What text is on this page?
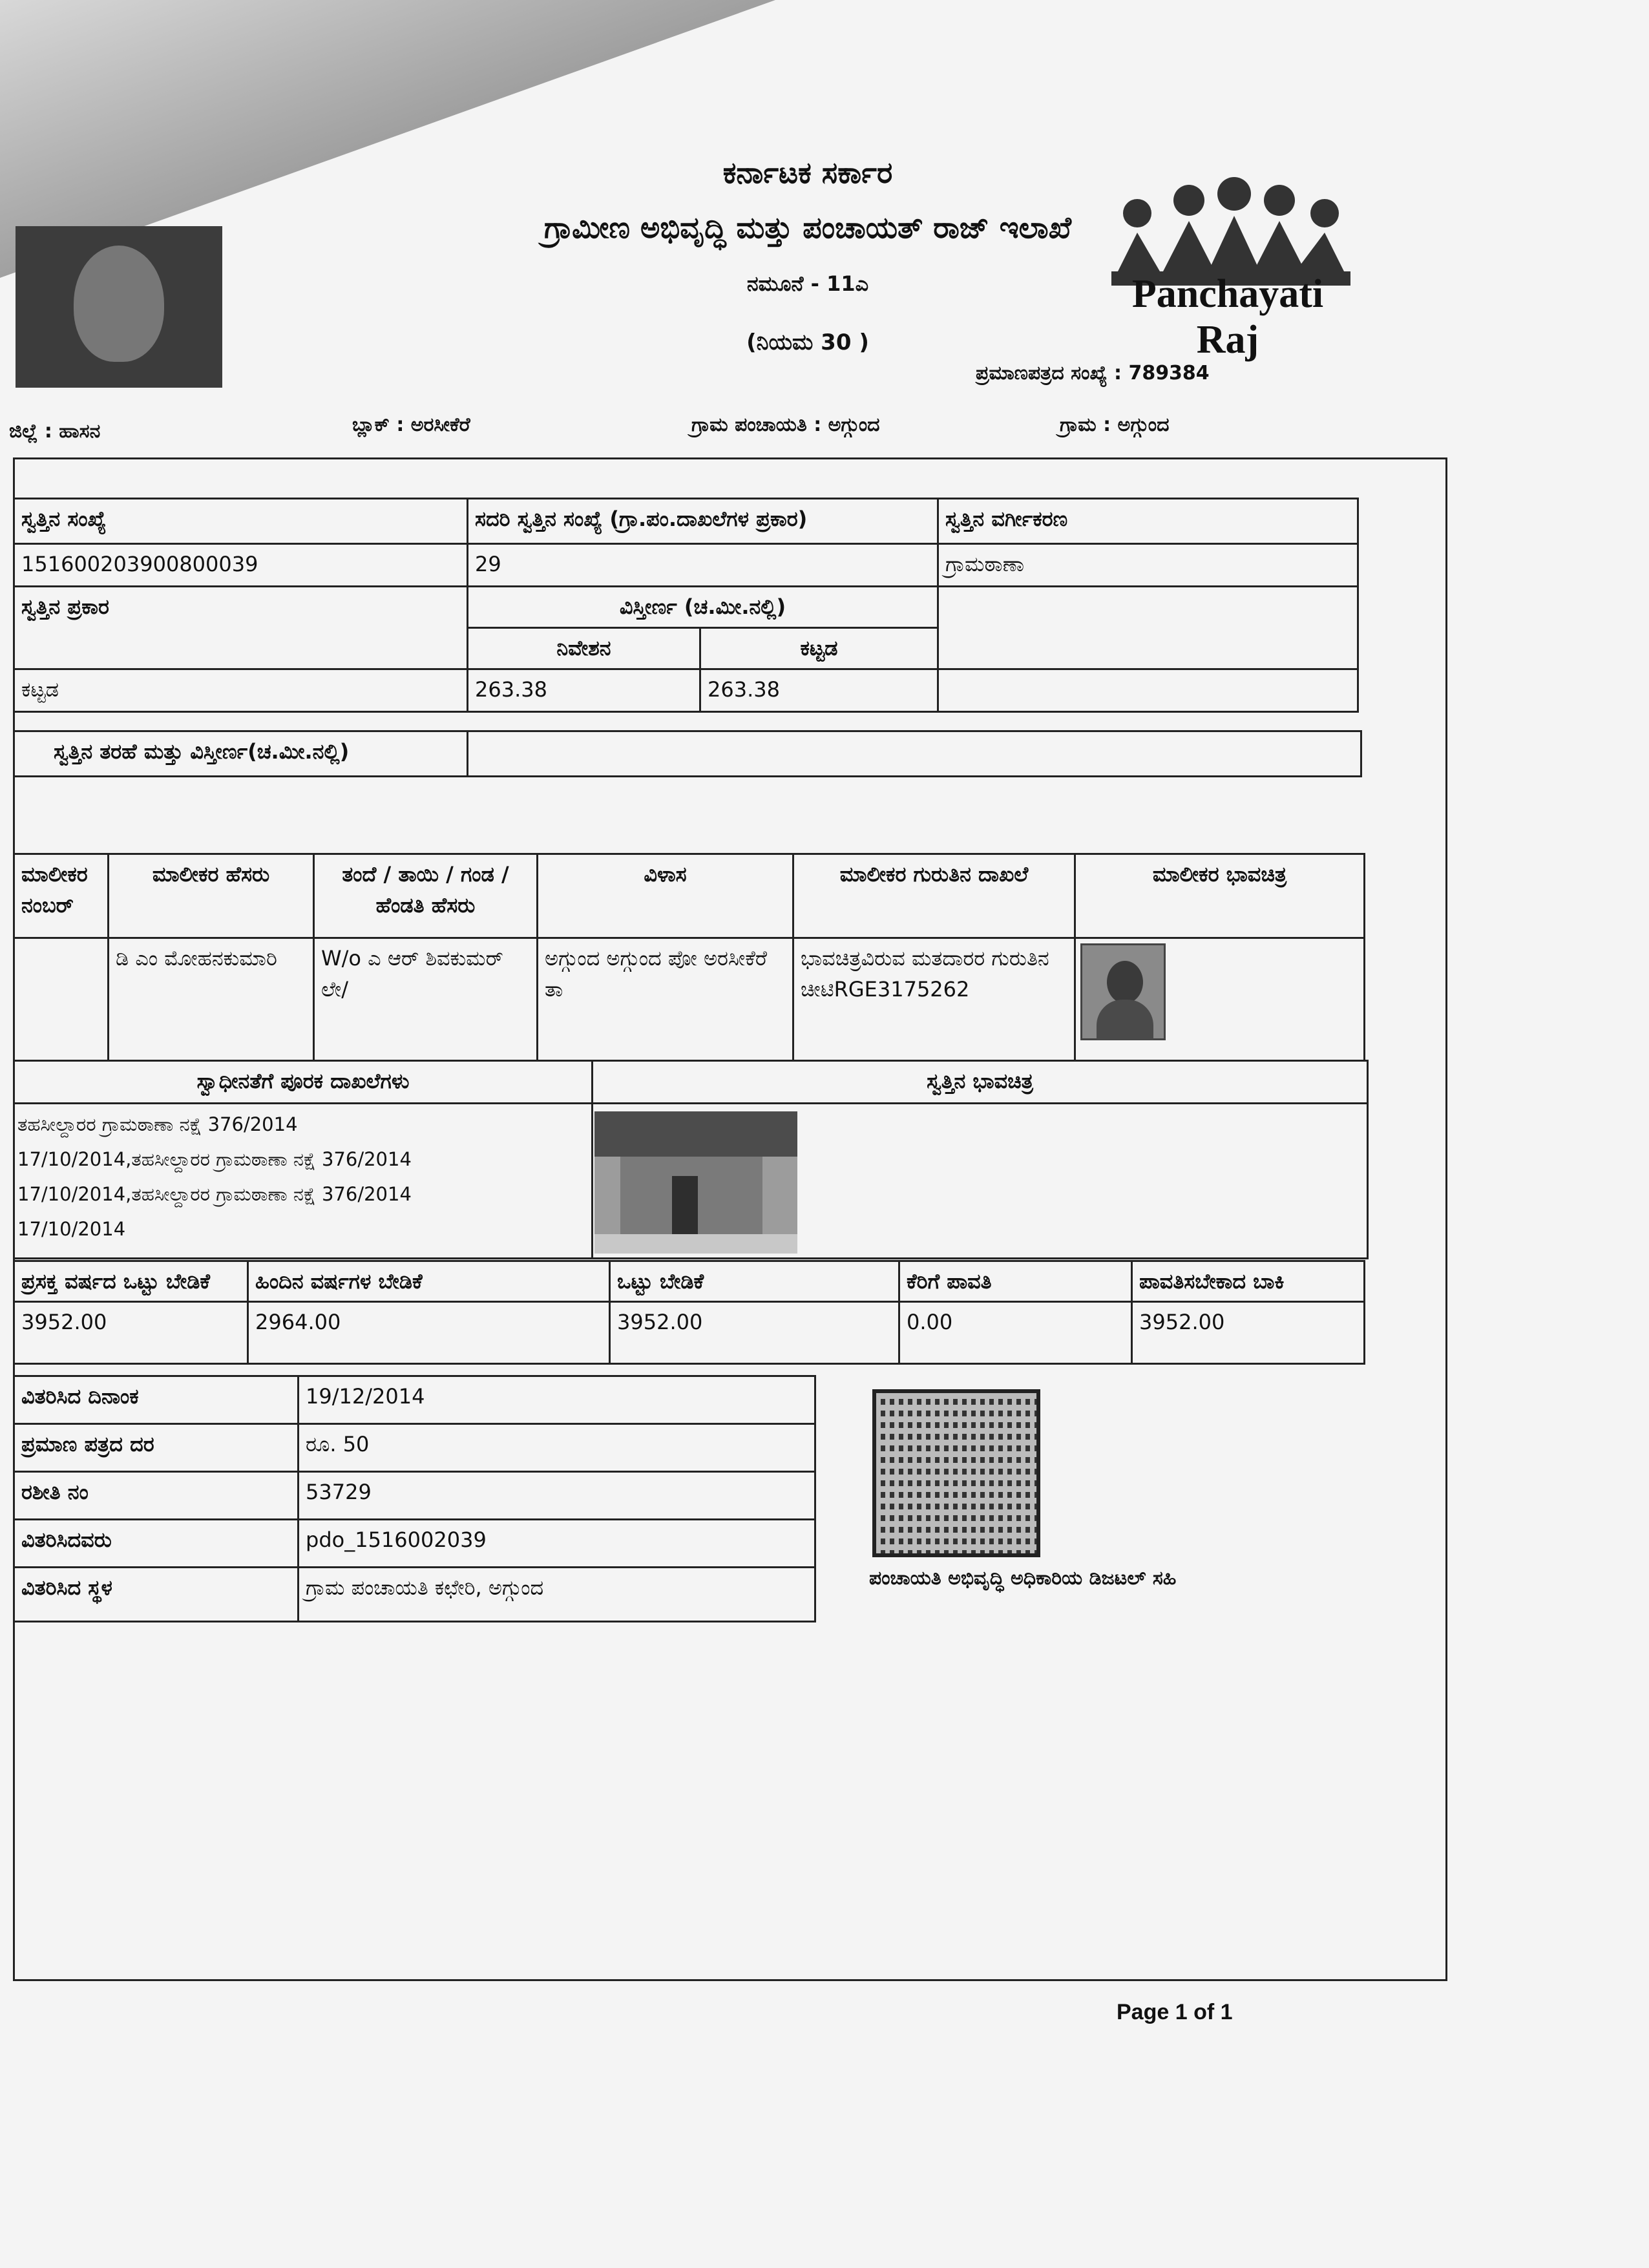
ಕರ್ನಾಟಕ ಸರ್ಕಾರ
ಗ್ರಾಮೀಣ ಅಭಿವೃದ್ಧಿ ಮತ್ತು ಪಂಚಾಯತ್ ರಾಜ್ ಇಲಾಖೆ
ನಮೂನೆ - 11ಎ
(ನಿಯಮ 30 )
Panchayati Raj
ಪ್ರಮಾಣಪತ್ರದ ಸಂಖ್ಯೆ : 789384
ಜಿಲ್ಲೆ : ಹಾಸನ	ಬ್ಲಾಕ್ : ಅರಸೀಕೆರೆ	ಗ್ರಾಮ ಪಂಚಾಯತಿ : ಅಗ್ಗುಂದ	ಗ್ರಾಮ : ಅಗ್ಗುಂದ
ಸ್ವತ್ತಿನ ಸಂಖ್ಯೆ	ಸದರಿ ಸ್ವತ್ತಿನ ಸಂಖ್ಯೆ (ಗ್ರಾ.ಪಂ.ದಾಖಲೆಗಳ ಪ್ರಕಾರ)		ಸ್ವತ್ತಿನ ವರ್ಗೀಕರಣ
151600203900800039	29		ಗ್ರಾಮಠಾಣಾ
ಸ್ವತ್ತಿನ ಪ್ರಕಾರ	ವಿಸ್ತೀರ್ಣ (ಚ.ಮೀ.ನಲ್ಲಿ)		
	ನಿವೇಶನ	ಕಟ್ಟಡ	
ಕಟ್ಟಡ	263.38	263.38	
ಸ್ವತ್ತಿನ ತರಹೆ ಮತ್ತು ವಿಸ್ತೀರ್ಣ(ಚ.ಮೀ.ನಲ್ಲಿ)	
ಮಾಲೀಕರ ನಂಬರ್	ಮಾಲೀಕರ ಹೆಸರು	ತಂದೆ / ತಾಯಿ / ಗಂಡ / ಹೆಂಡತಿ ಹೆಸರು	ವಿಳಾಸ	ಮಾಲೀಕರ ಗುರುತಿನ ದಾಖಲೆ	ಮಾಲೀಕರ ಭಾವಚಿತ್ರ
	ಡಿ ಎಂ ಮೋಹನಕುಮಾರಿ	W/o ಎ ಆರ್ ಶಿವಕುಮರ್ ಲೇ/	ಅಗ್ಗುಂದ ಅಗ್ಗುಂದ ಪೋ ಅರಸೀಕೆರೆ ತಾ	ಭಾವಚಿತ್ರವಿರುವ ಮತದಾರರ ಗುರುತಿನ ಚೀಟಿRGE3175262	
ಸ್ವಾಧೀನತೆಗೆ ಪೂರಕ ದಾಖಲೆಗಳು	ಸ್ವತ್ತಿನ ಭಾವಚಿತ್ರ

ತಹಸೀಲ್ದಾರರ ಗ್ರಾಮಠಾಣಾ ನಕ್ಷೆ 376/2014
17/10/2014,ತಹಸೀಲ್ದಾರರ ಗ್ರಾಮಠಾಣಾ ನಕ್ಷೆ 376/2014
17/10/2014,ತಹಸೀಲ್ದಾರರ ಗ್ರಾಮಠಾಣಾ ನಕ್ಷೆ 376/2014
17/10/2014	

ಪ್ರಸಕ್ತ ವರ್ಷದ ಒಟ್ಟು ಬೇಡಿಕೆ	ಹಿಂದಿನ ವರ್ಷಗಳ ಬೇಡಿಕೆ	ಒಟ್ಟು ಬೇಡಿಕೆ	ಕೆರಿಗೆ ಪಾವತಿ	ಪಾವತಿಸಬೇಕಾದ ಬಾಕಿ
3952.00	2964.00	3952.00	0.00	3952.00
ವಿತರಿಸಿದ ದಿನಾಂಕ	19/12/2014
ಪ್ರಮಾಣ ಪತ್ರದ ದರ	ರೂ. 50
ರಶೀತಿ ನಂ	53729
ವಿತರಿಸಿದವರು	pdo_1516002039
ವಿತರಿಸಿದ ಸ್ಥಳ	ಗ್ರಾಮ ಪಂಚಾಯತಿ ಕಛೇರಿ, ಅಗ್ಗುಂದ	ಪಂಚಾಯತಿ ಅಭಿವೃದ್ಧಿ ಅಧಿಕಾರಿಯ ಡಿಜಟಲ್ ಸಹಿ
Page 1 of 1
